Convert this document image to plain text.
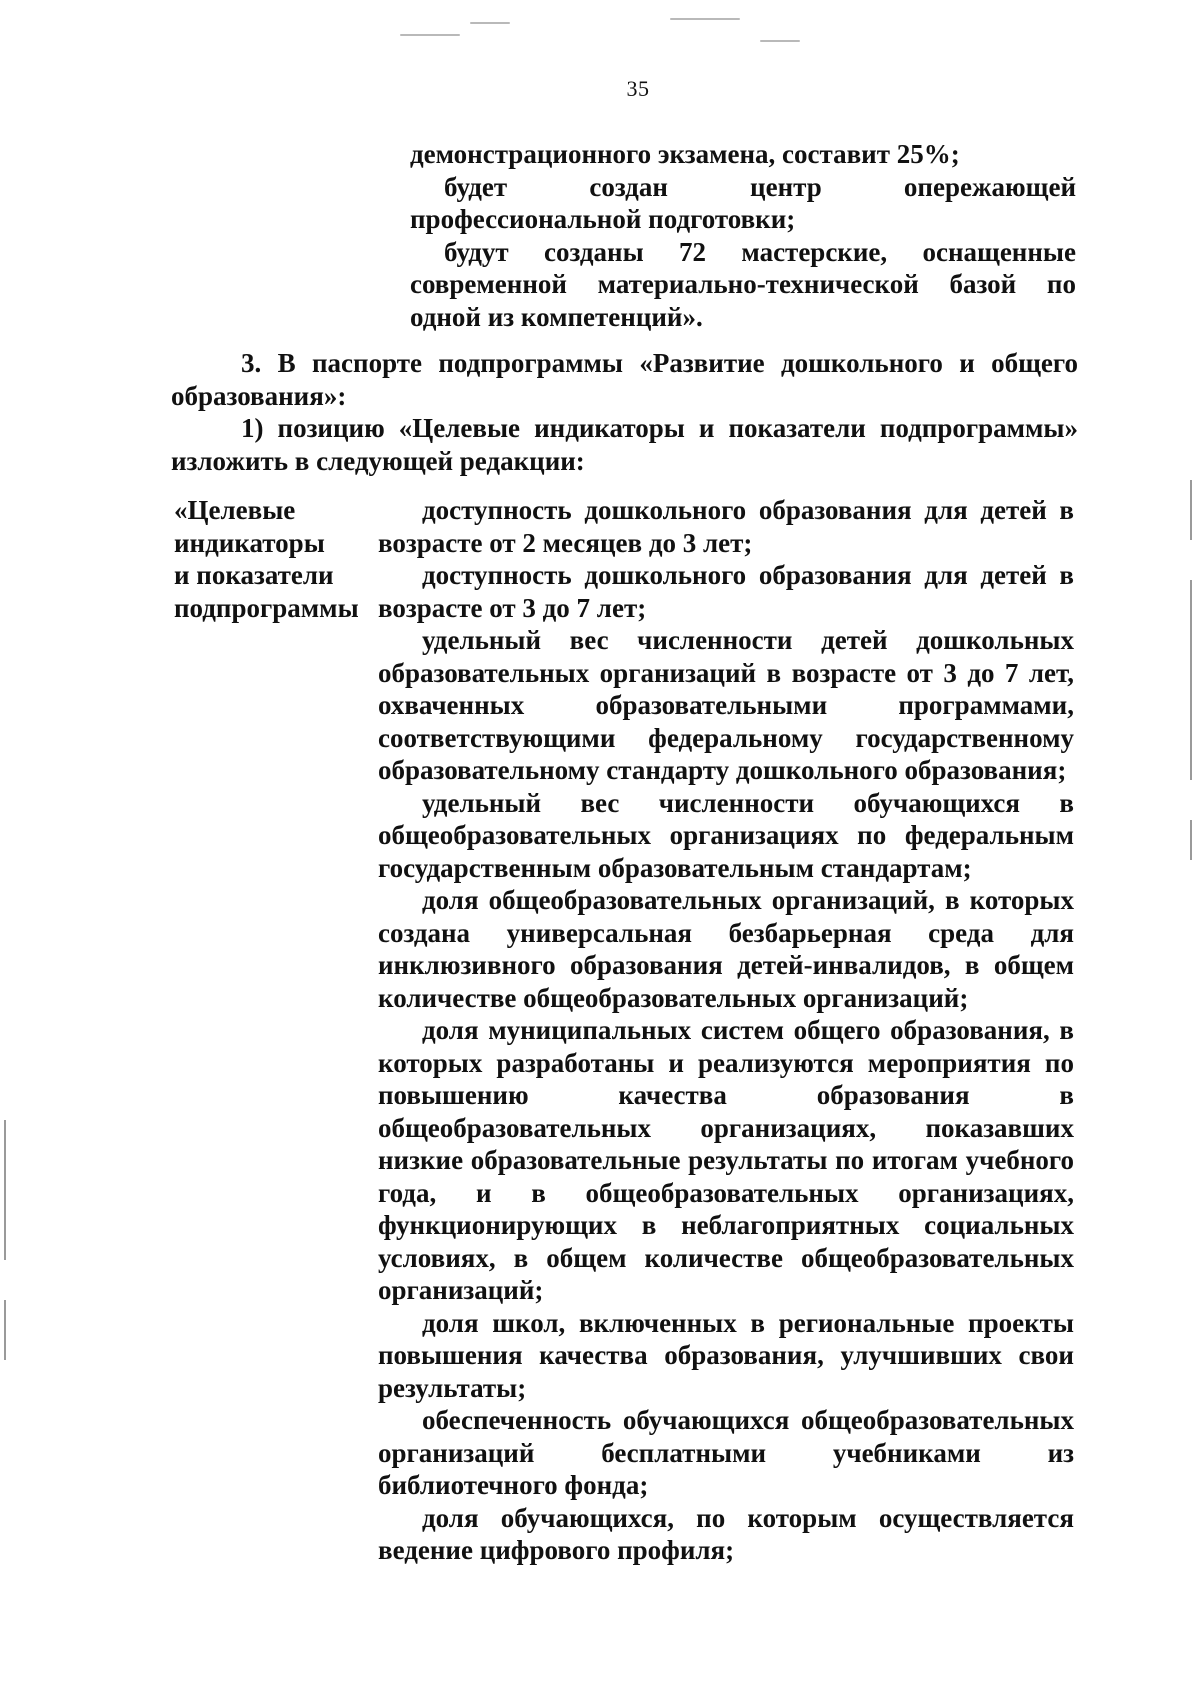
35

демонстрационного экзамена, составит 25%;

будет создан центр опережающей профессиональной подготовки;

будут созданы 72 мастерские, оснащенные современной материально-технической базой по одной из компетенций».

3. В паспорте подпрограммы «Развитие дошкольного и общего образования»:

1) позицию «Целевые индикаторы и показатели подпрограммы» изложить в следующей редакции:

«Целевые

индикаторы

и показатели

подпрограммы

доступность дошкольного образования для детей в возрасте от 2 месяцев до 3 лет;

доступность дошкольного образования для детей в возрасте от 3 до 7 лет;

удельный вес численности детей дошкольных образовательных организаций в возрасте от 3 до 7 лет, охваченных образовательными программами, соответствующими федеральному государственному образовательному стандарту дошкольного образования;

удельный вес численности обучающихся в общеобразовательных организациях по федеральным государственным образовательным стандартам;

доля общеобразовательных организаций, в которых создана универсальная безбарьерная среда для инклюзивного образования детей-инвалидов, в общем количестве общеобразовательных организаций;

доля муниципальных систем общего образования, в которых разработаны и реализуются мероприятия по повышению качества образования в общеобразовательных организациях, показавших низкие образовательные результаты по итогам учебного года, и в общеобразовательных организациях, функционирующих в неблагоприятных социальных условиях, в общем количестве общеобразовательных организаций;

доля школ, включенных в региональные проекты повышения качества образования, улучшивших свои результаты;

обеспеченность обучающихся общеобразовательных организаций бесплатными учебниками из библиотечного фонда;

доля обучающихся, по которым осуществляется ведение цифрового профиля;
